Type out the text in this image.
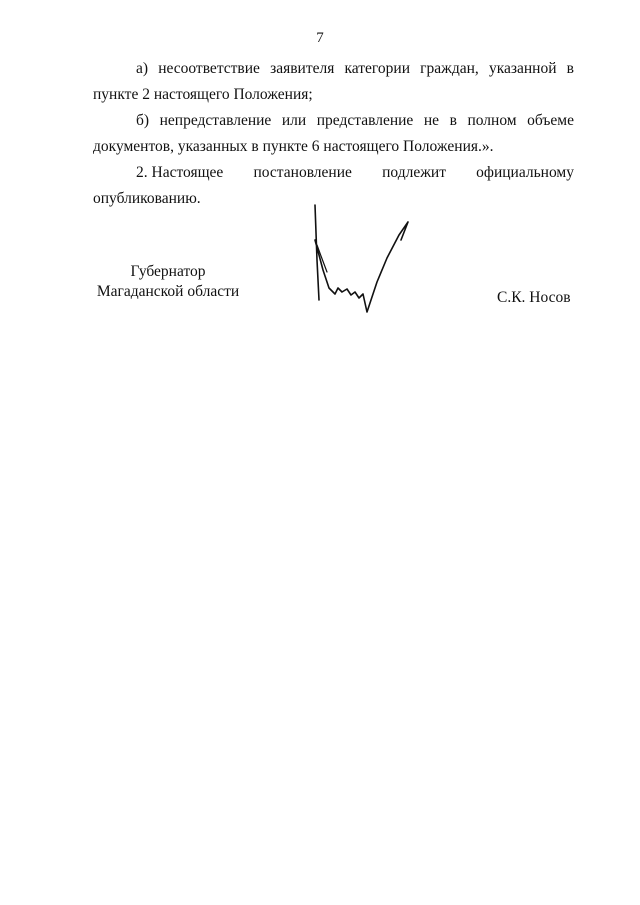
7

а) несоответствие заявителя категории граждан, указанной в пункте 2 настоящего Положения;

б) непредставление или представление не в полном объеме документов, указанных в пункте 6 настоящего Положения.».

2. Настоящее постановление подлежит официальному
опубликованию.
Губернатор
Магаданской области	С.К. Носов
